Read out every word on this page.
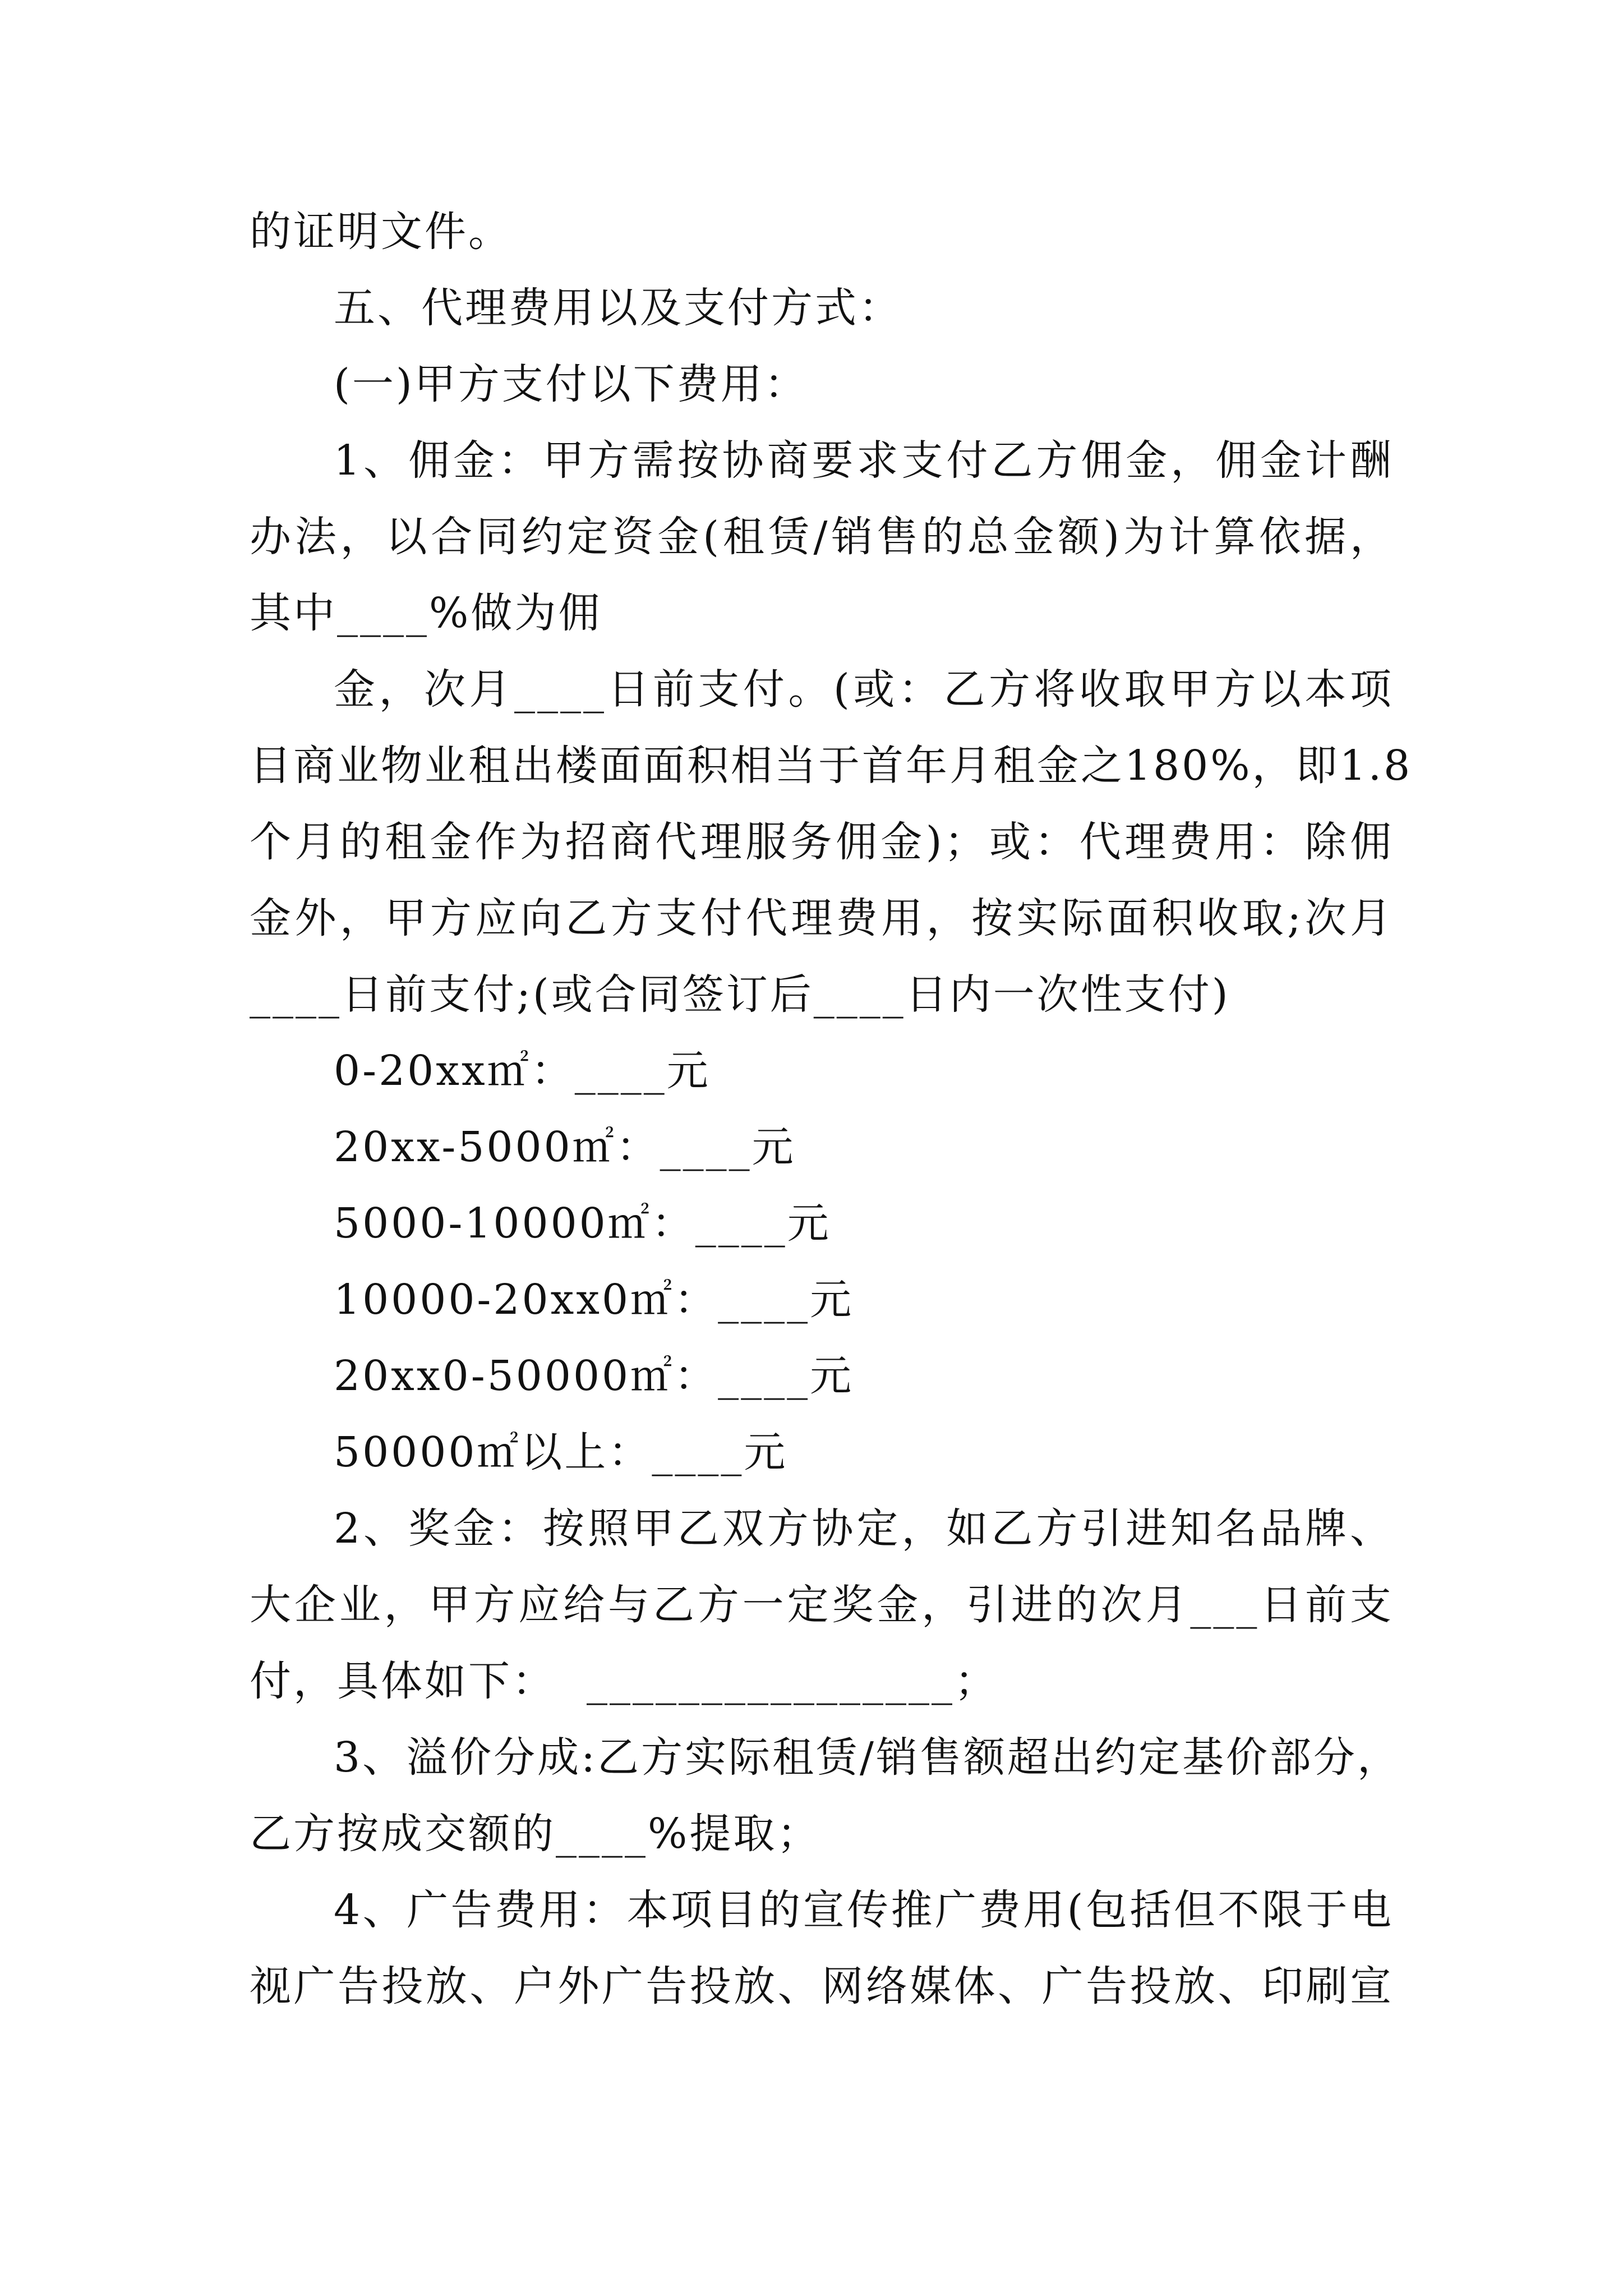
的证明文件。
五、代理费用以及支付方式：
(一)甲方支付以下费用：
1、佣金：甲方需按协商要求支付乙方佣金，佣金计酬
办法，以合同约定资金(租赁/销售的总金额)为计算依据，
其中____%做为佣
金，次月____日前支付。(或：乙方将收取甲方以本项
目商业物业租出楼面面积相当于首年月租金之180%，即1.8
个月的租金作为招商代理服务佣金)；或：代理费用：除佣
金外，甲方应向乙方支付代理费用，按实际面积收取;次月
____日前支付;(或合同签订后____日内一次性支付)
0-20xx㎡：____元
20xx-5000㎡：____元
5000-10000㎡：____元
10000-20xx0㎡：____元
20xx0-50000㎡：____元
50000㎡以上：____元
2、奖金：按照甲乙双方协定，如乙方引进知名品牌、
大企业，甲方应给与乙方一定奖金，引进的次月___日前支
付，具体如下：  ________________；
3、溢价分成:乙方实际租赁/销售额超出约定基价部分，
乙方按成交额的____%提取；
4、广告费用：本项目的宣传推广费用(包括但不限于电
视广告投放、户外广告投放、网络媒体、广告投放、印刷宣
